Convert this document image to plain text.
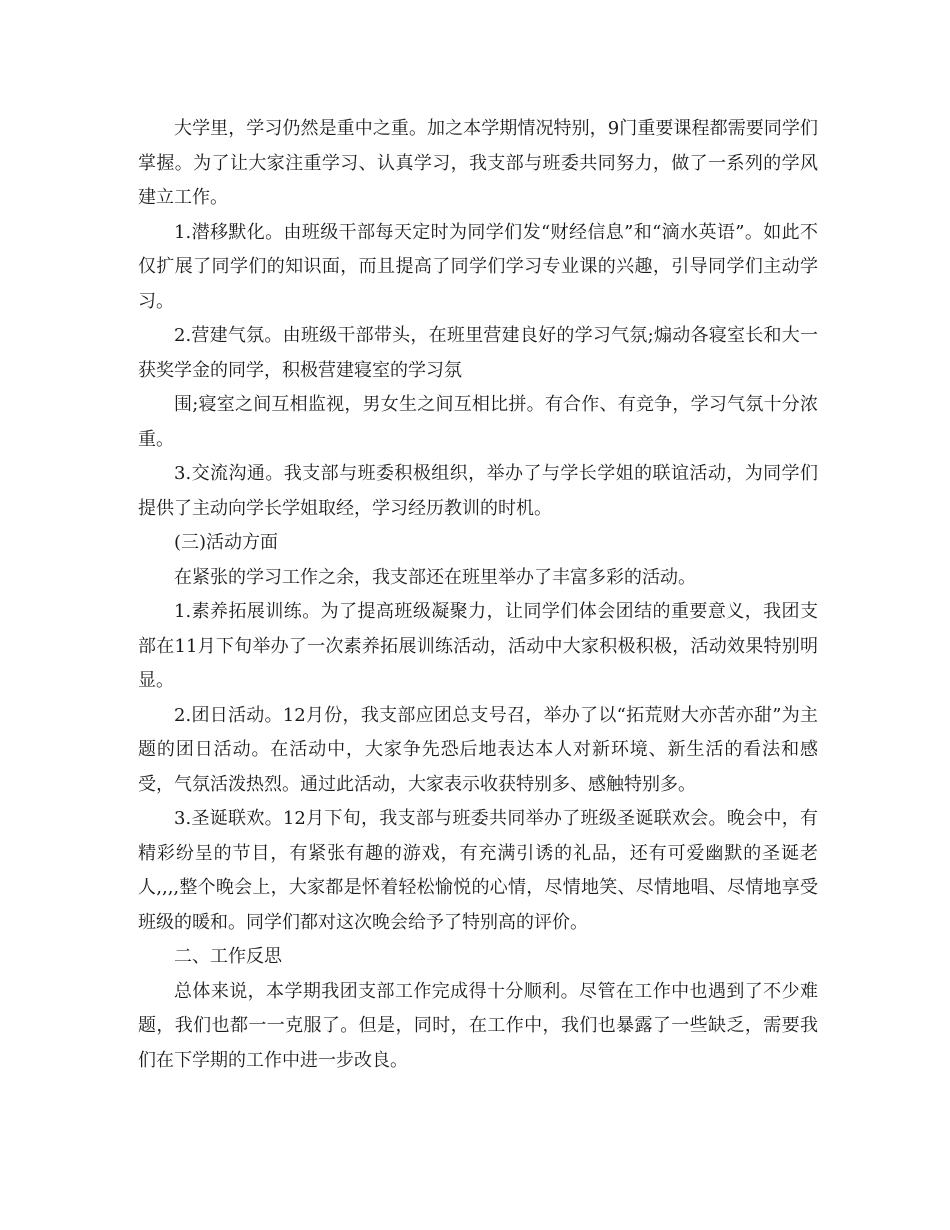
大学里，学习仍然是重中之重。加之本学期情况特别，9门重要课程都需要同学们掌握。为了让大家注重学习、认真学习，我支部与班委共同努力，做了一系列的学风建立工作。

1.潜移默化。由班级干部每天定时为同学们发“财经信息”和“滴水英语”。如此不仅扩展了同学们的知识面，而且提高了同学们学习专业课的兴趣，引导同学们主动学习。

2.营建气氛。由班级干部带头，在班里营建良好的学习气氛;煽动各寝室长和大一获奖学金的同学，积极营建寝室的学习氛

围;寝室之间互相监视，男女生之间互相比拼。有合作、有竞争，学习气氛十分浓重。

3.交流沟通。我支部与班委积极组织，举办了与学长学姐的联谊活动，为同学们提供了主动向学长学姐取经，学习经历教训的时机。

(三)活动方面

在紧张的学习工作之余，我支部还在班里举办了丰富多彩的活动。

1.素养拓展训练。为了提高班级凝聚力，让同学们体会团结的重要意义，我团支部在11月下旬举办了一次素养拓展训练活动，活动中大家积极积极，活动效果特别明显。

2.团日活动。12月份，我支部应团总支号召，举办了以“拓荒财大亦苦亦甜”为主题的团日活动。在活动中，大家争先恐后地表达本人对新环境、新生活的看法和感受，气氛活泼热烈。通过此活动，大家表示收获特别多、感触特别多。

3.圣诞联欢。12月下旬，我支部与班委共同举办了班级圣诞联欢会。晚会中，有精彩纷呈的节目，有紧张有趣的游戏，有充满引诱的礼品，还有可爱幽默的圣诞老人,,,,整个晚会上，大家都是怀着轻松愉悦的心情，尽情地笑、尽情地唱、尽情地享受班级的暖和。同学们都对这次晚会给予了特别高的评价。

二、工作反思

总体来说，本学期我团支部工作完成得十分顺利。尽管在工作中也遇到了不少难题，我们也都一一克服了。但是，同时，在工作中，我们也暴露了一些缺乏，需要我们在下学期的工作中进一步改良。
